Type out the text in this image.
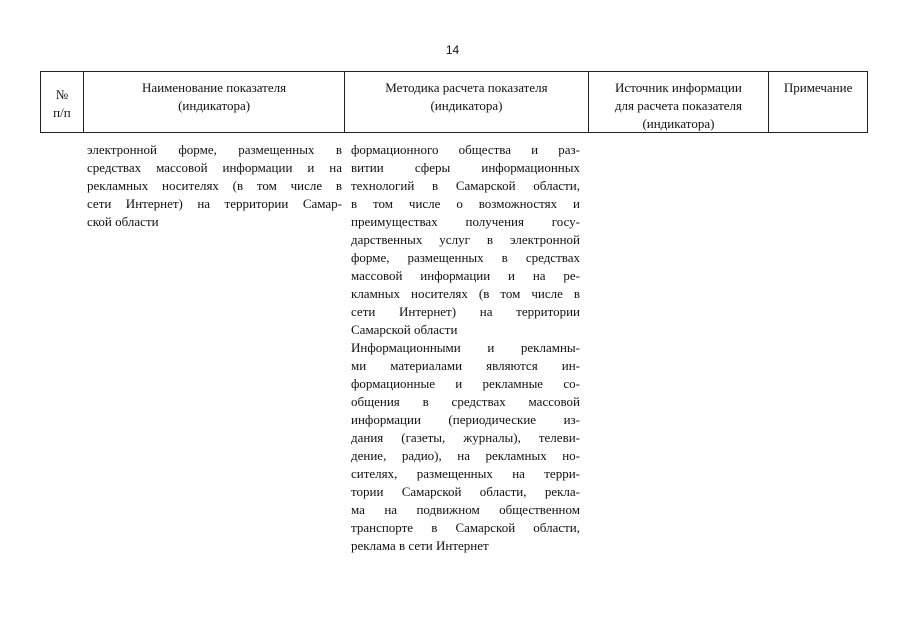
14
№
п/п
Наименование показателя
(индикатора)
Методика расчета показателя
(индикатора)
Источник информации
для расчета показателя
(индикатора)
Примечание
электронной форме, размещенных в
средствах массовой информации и на
рекламных носителях (в том числе в
сети Интернет) на территории Самар-
ской области
формационного общества и раз-
витии сферы информационных
технологий в Самарской области,
в том числе о возможностях и
преимуществах получения госу-
дарственных услуг в электронной
форме, размещенных в средствах
массовой информации и на ре-
кламных носителях (в том числе в
сети Интернет) на территории
Самарской области
Информационными и рекламны-
ми материалами являются ин-
формационные и рекламные со-
общения в средствах массовой
информации (периодические из-
дания (газеты, журналы), телеви-
дение, радио), на рекламных но-
сителях, размещенных на терри-
тории Самарской области, рекла-
ма на подвижном общественном
транспорте в Самарской области,
реклама в сети Интернет
